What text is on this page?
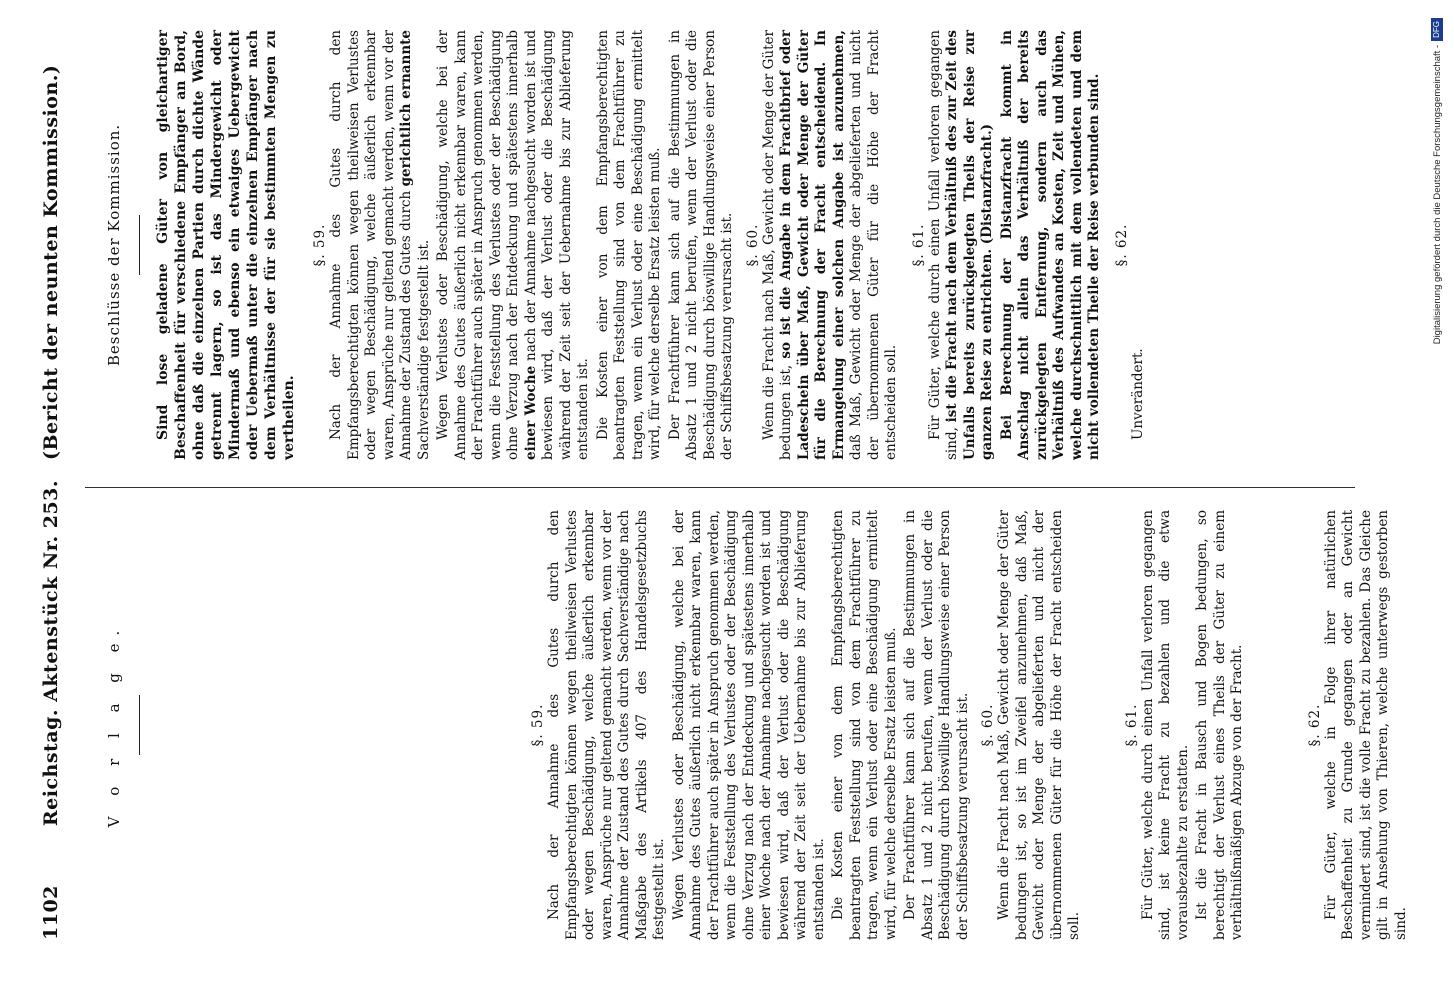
1102
Reichstag. Aktenstück Nr. 253.
(Bericht der neunten Kommission.)
V o r l a g e.	§. 59. Nach der Annahme des Gutes durch den Empfangsberechtigten können wegen theilweisen Verlustes oder wegen Beschädigung, welche äußerlich erkennbar waren, Ansprüche nur geltend gemacht werden, wenn vor der Annahme der Zustand des Gutes durch Sachverständige nach Maßgabe des Artikels 407 des Handelsgesetzbuchs festgestellt ist. Wegen Verlustes oder Beschädigung, welche bei der Annahme des Gutes äußerlich nicht erkennbar waren, kann der Frachtführer auch später in Anspruch genommen werden, wenn die Feststellung des Verlustes oder der Beschädigung ohne Verzug nach der Entdeckung und spätestens innerhalb einer Woche nach der Annahme nachgesucht worden ist und bewiesen wird, daß der Verlust oder die Beschädigung während der Zeit seit der Uebernahme bis zur Ablieferung entstanden ist. Die Kosten einer von dem Empfangsberechtigten beantragten Feststellung sind von dem Frachtführer zu tragen, wenn ein Verlust oder eine Beschädigung ermittelt wird, für welche derselbe Ersatz leisten muß. Der Frachtführer kann sich auf die Bestimmungen in Absatz 1 und 2 nicht berufen, wenn der Verlust oder die Beschädigung durch böswillige Handlungsweise einer Person der Schiffsbesatzung verursacht ist. §. 60. Wenn die Fracht nach Maß, Gewicht oder Menge der Güter bedungen ist, so ist im Zweifel anzunehmen, daß Maß, Gewicht oder Menge der abgelieferten und nicht der übernommenen Güter für die Höhe der Fracht entscheiden soll.

§. 61. Für Güter, welche durch einen Unfall verloren gegangen sind, ist keine Fracht zu bezahlen und die etwa vorausbezahlte zu erstatten. Ist die Fracht in Bausch und Bogen bedungen, so berechtigt der Verlust eines Theils der Güter zu einem verhältnißmäßigen Abzuge von der Fracht.	§. 62. Für Güter, welche in Folge ihrer natürlichen Beschaffenheit zu Grunde gegangen oder an Gewicht vermindert sind, ist die volle Fracht zu bezahlen. Das Gleiche gilt in Ansehung von Thieren, welche unterwegs gestorben sind.

Beschlüsse der Kommission. Sind lose geladene Güter von gleichartiger Beschaffenheit für verschiedene Empfänger an Bord, ohne daß die einzelnen Partien durch dichte Wände getrennt lagern, so ist das Mindergewicht oder Mindermaß und ebenso ein etwaiges Uebergewicht oder Uebermaß unter die einzelnen Empfänger nach dem Verhältnisse der für sie bestimmten Mengen zu vertheilen.

§. 59. Nach der Annahme des Gutes durch den Empfangsberechtigten können wegen theilweisen Verlustes oder wegen Beschädigung, welche äußerlich erkennbar waren, Ansprüche nur geltend gemacht werden, wenn vor der Annahme der Zustand des Gutes durch gerichtlich ernannte Sachverständige festgestellt ist. Wegen Verlustes oder Beschädigung, welche bei der Annahme des Gutes äußerlich nicht erkennbar waren, kann der Frachtführer auch später in Anspruch genommen werden, wenn die Feststellung des Verlustes oder der Beschädigung ohne Verzug nach der Entdeckung und spätestens innerhalb einer Woche nach der Annahme nachgesucht worden ist und bewiesen wird, daß der Verlust oder die Beschädigung während der Zeit seit der Uebernahme bis zur Ablieferung entstanden ist. Die Kosten einer von dem Empfangsberechtigten beantragten Feststellung sind von dem Frachtführer zu tragen, wenn ein Verlust oder eine Beschädigung ermittelt wird, für welche derselbe Ersatz leisten muß. Der Frachtführer kann sich auf die Bestimmungen in Absatz 1 und 2 nicht berufen, wenn der Verlust oder die Beschädigung durch böswillige Handlungsweise einer Person der Schiffsbesatzung verursacht ist. §. 60. Wenn die Fracht nach Maß, Gewicht oder Menge der Güter bedungen ist, so ist die Angabe in dem Frachtbrief oder Ladeschein über Maß, Gewicht oder Menge der Güter für die Berechnung der Fracht entscheidend. In Ermangelung einer solchen Angabe ist anzunehmen, daß Maß, Gewicht oder Menge der abgelieferten und nicht der übernommenen Güter für die Höhe der Fracht entscheiden soll.

§. 61. Für Güter, welche durch einen Unfall verloren gegangen sind, ist die Fracht nach dem Verhältniß des zur Zeit des Unfalls bereits zurückgelegten Theils der Reise zur ganzen Reise zu entrichten. (Distanzfracht.) Bei Berechnung der Distanzfracht kommt in Anschlag nicht allein das Verhältniß der bereits zurückgelegten Entfernung, sondern auch das Verhältniß des Aufwandes an Kosten, Zeit und Mühen, welche durchschnittlich mit dem vollendeten und dem nicht vollendeten Theile der Reise verbunden sind. §. 62.

Unverändert.

Digitalisierung gefördert durch die Deutsche Forschungsgemeinschaft -DFG
